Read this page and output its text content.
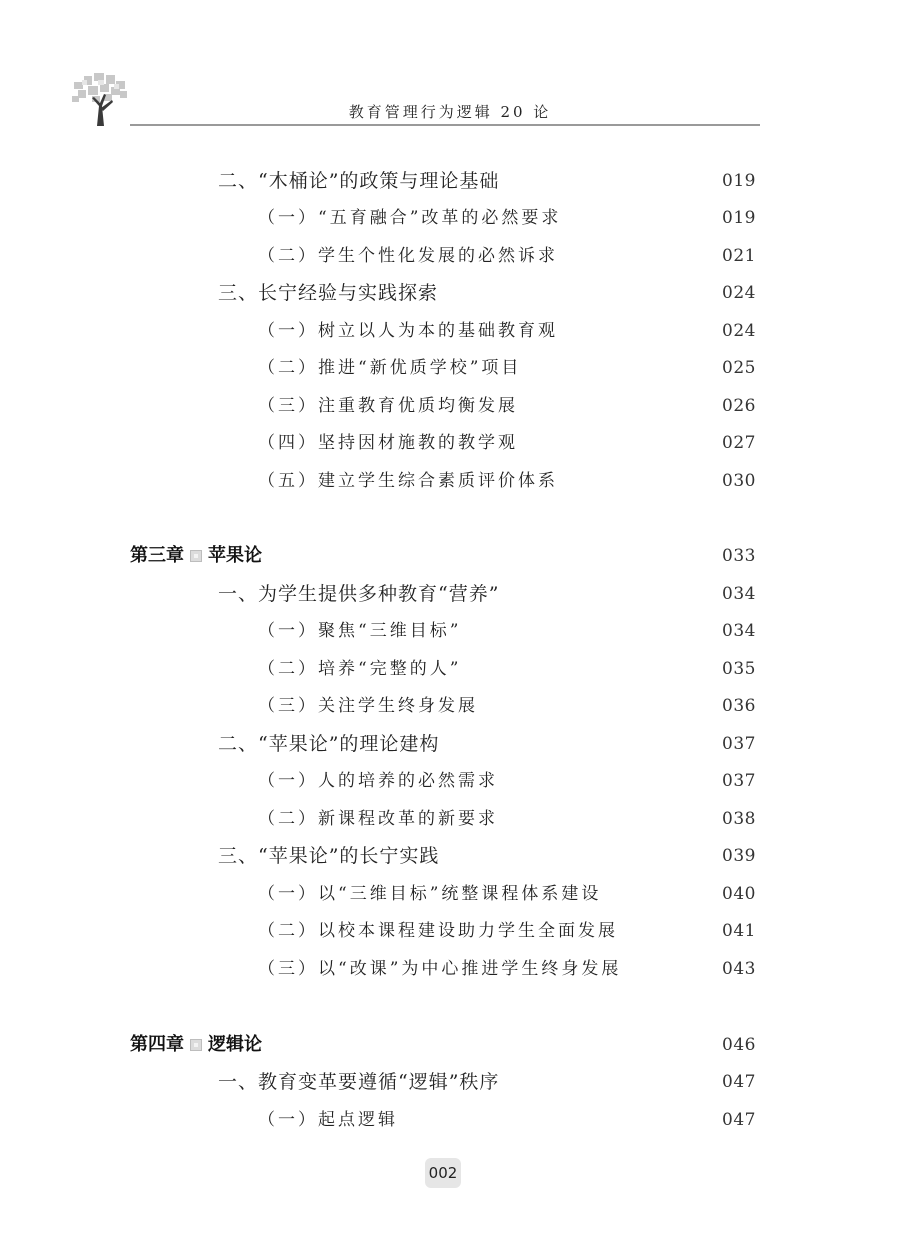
教育管理行为逻辑 20 论
二、“木桶论”的政策与理论基础	019
（一）“五育融合”改革的必然要求	019
（二）学生个性化发展的必然诉求	021
三、长宁经验与实践探索	024
（一）树立以人为本的基础教育观	024
（二）推进“新优质学校”项目	025
（三）注重教育优质均衡发展	026
（四）坚持因材施教的教学观	027
（五）建立学生综合素质评价体系	030
第三章 苹果论	033
一、为学生提供多种教育“营养”	034
（一）聚焦“三维目标”	034
（二）培养“完整的人”	035
（三）关注学生终身发展	036
二、“苹果论”的理论建构	037
（一）人的培养的必然需求	037
（二）新课程改革的新要求	038
三、“苹果论”的长宁实践	039
（一）以“三维目标”统整课程体系建设	040
（二）以校本课程建设助力学生全面发展	041
（三）以“改课”为中心推进学生终身发展	043
第四章 逻辑论	046
一、教育变革要遵循“逻辑”秩序	047
（一）起点逻辑	047
002
